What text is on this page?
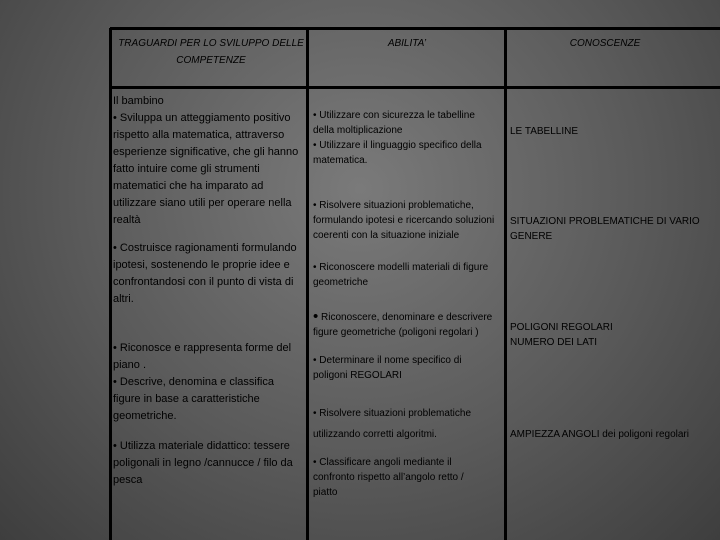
TRAGUARDI PER LO SVILUPPO DELLE COMPETENZE

ABILITA’	CONOSCENZE

Il bambino

• Sviluppa un atteggiamento positivo rispetto alla matematica, attraverso esperienze significative, che gli hanno fatto intuire come gli strumenti matematici che ha imparato ad utilizzare siano utili per operare nella realtà

• Costruisce ragionamenti formulando ipotesi, sostenendo le proprie idee e confrontandosi con il punto di vista di altri.

• Riconosce e rappresenta forme del piano .

• Descrive, denomina e classifica figure in base a caratteristiche geometriche.

• Utilizza materiale didattico: tessere poligonali in legno /cannucce / filo da pesca

• Utilizzare con sicurezza le tabelline della moltiplicazione

• Utilizzare il linguaggio specifico della matematica.

• Risolvere situazioni problematiche, formulando ipotesi e ricercando soluzioni coerenti con la situazione iniziale

• Riconoscere modelli materiali di figure geometriche

• Riconoscere, denominare e descrivere figure geometriche (poligoni regolari )

• Determinare il nome specifico di poligoni REGOLARI

• Risolvere situazioni problematiche

utilizzando corretti algoritmi.

• Classificare angoli mediante il confronto rispetto all’angolo retto / piatto

LE TABELLINE

SITUAZIONI PROBLEMATICHE DI VARIO GENERE

POLIGONI REGOLARI

NUMERO DEI LATI

AMPIEZZA ANGOLI dei poligoni regolari
